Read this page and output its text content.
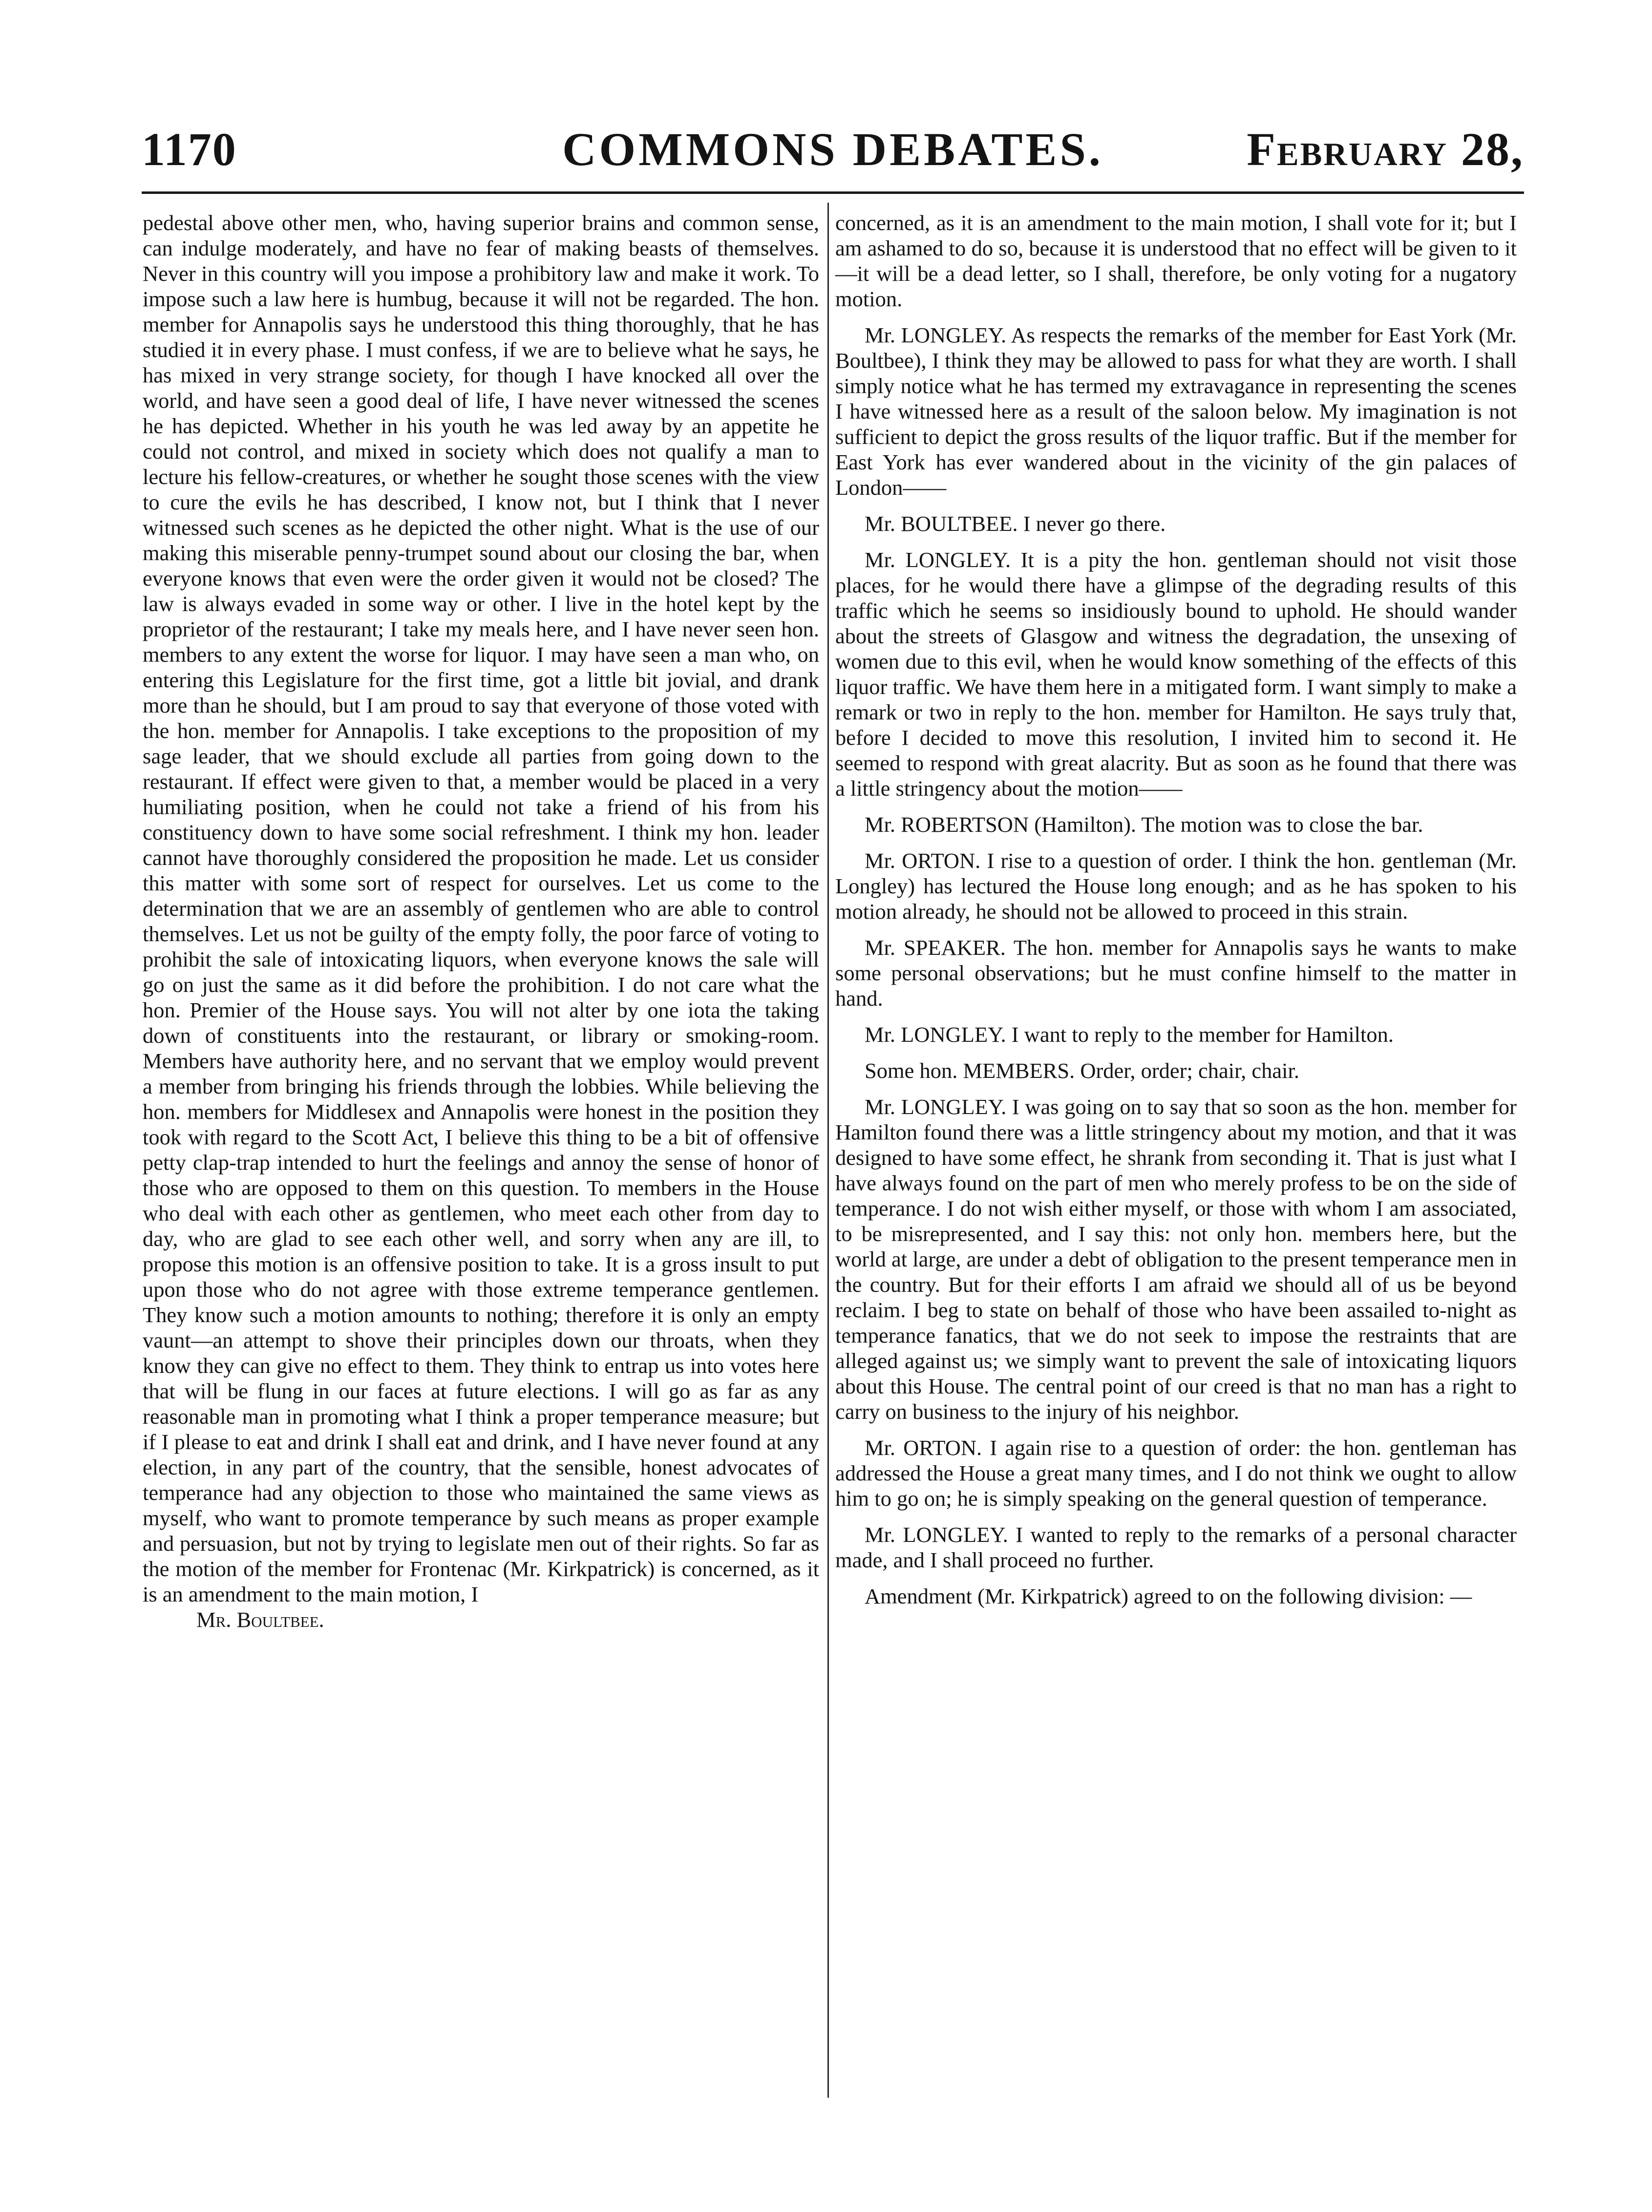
1170	COMMONS DEBATES.	February 28,

pedestal above other men, who, having superior brains and common sense, can indulge moderately, and have no fear of making beasts of themselves. Never in this country will you impose a prohibitory law and make it work. To impose such a law here is humbug, because it will not be regarded. The hon. member for Annapolis says he understood this thing thoroughly, that he has studied it in every phase. I must confess, if we are to believe what he says, he has mixed in very strange society, for though I have knocked all over the world, and have seen a good deal of life, I have never witnessed the scenes he has depicted. Whether in his youth he was led away by an appetite he could not control, and mixed in society which does not qualify a man to lecture his fellow-creatures, or whether he sought those scenes with the view to cure the evils he has described, I know not, but I think that I never witnessed such scenes as he depicted the other night. What is the use of our making this miserable penny-trumpet sound about our closing the bar, when everyone knows that even were the order given it would not be closed? The law is always evaded in some way or other. I live in the hotel kept by the proprietor of the restaurant; I take my meals here, and I have never seen hon. members to any extent the worse for liquor. I may have seen a man who, on entering this Legislature for the first time, got a little bit jovial, and drank more than he should, but I am proud to say that everyone of those voted with the hon. member for Annapolis. I take exceptions to the proposition of my sage leader, that we should exclude all parties from going down to the restaurant. If effect were given to that, a member would be placed in a very humiliating position, when he could not take a friend of his from his constituency down to have some social refreshment. I think my hon. leader cannot have thoroughly considered the proposition he made. Let us consider this matter with some sort of respect for ourselves. Let us come to the determination that we are an assembly of gentlemen who are able to control themselves. Let us not be guilty of the empty folly, the poor farce of voting to prohibit the sale of intoxicating liquors, when everyone knows the sale will go on just the same as it did before the prohibition. I do not care what the hon. Premier of the House says. You will not alter by one iota the taking down of constituents into the restaurant, or library or smoking-room. Members have authority here, and no servant that we employ would prevent a member from bringing his friends through the lobbies. While believing the hon. members for Middlesex and Annapolis were honest in the position they took with regard to the Scott Act, I believe this thing to be a bit of offensive petty clap-trap intended to hurt the feelings and annoy the sense of honor of those who are opposed to them on this question. To members in the House who deal with each other as gentlemen, who meet each other from day to day, who are glad to see each other well, and sorry when any are ill, to propose this motion is an offensive position to take. It is a gross insult to put upon those who do not agree with those extreme temperance gentlemen. They know such a motion amounts to nothing; therefore it is only an empty vaunt—an attempt to shove their principles down our throats, when they know they can give no effect to them. They think to entrap us into votes here that will be flung in our faces at future elections. I will go as far as any reasonable man in promoting what I think a proper temperance measure; but if I please to eat and drink I shall eat and drink, and I have never found at any election, in any part of the country, that the sensible, honest advocates of temperance had any objection to those who maintained the same views as myself, who want to promote temperance by such means as proper example and persuasion, but not by trying to legislate men out of their rights. So far as the motion of the member for Frontenac (Mr. Kirkpatrick) is concerned, as it is an amendment to the main motion, I

Mr. Boultbee.

concerned, as it is an amendment to the main motion, I shall vote for it; but I am ashamed to do so, because it is understood that no effect will be given to it—it will be a dead letter, so I shall, therefore, be only voting for a nugatory motion.

Mr. LONGLEY. As respects the remarks of the member for East York (Mr. Boultbee), I think they may be allowed to pass for what they are worth. I shall simply notice what he has termed my extravagance in representing the scenes I have witnessed here as a result of the saloon below. My imagination is not sufficient to depict the gross results of the liquor traffic. But if the member for East York has ever wandered about in the vicinity of the gin palaces of London——

Mr. BOULTBEE. I never go there.

Mr. LONGLEY. It is a pity the hon. gentleman should not visit those places, for he would there have a glimpse of the degrading results of this traffic which he seems so insidiously bound to uphold. He should wander about the streets of Glasgow and witness the degradation, the unsexing of women due to this evil, when he would know something of the effects of this liquor traffic. We have them here in a mitigated form. I want simply to make a remark or two in reply to the hon. member for Hamilton. He says truly that, before I decided to move this resolution, I invited him to second it. He seemed to respond with great alacrity. But as soon as he found that there was a little stringency about the motion——

Mr. ROBERTSON (Hamilton). The motion was to close the bar.

Mr. ORTON. I rise to a question of order. I think the hon. gentleman (Mr. Longley) has lectured the House long enough; and as he has spoken to his motion already, he should not be allowed to proceed in this strain.

Mr. SPEAKER. The hon. member for Annapolis says he wants to make some personal observations; but he must confine himself to the matter in hand.

Mr. LONGLEY. I want to reply to the member for Hamilton.

Some hon. MEMBERS. Order, order; chair, chair.

Mr. LONGLEY. I was going on to say that so soon as the hon. member for Hamilton found there was a little stringency about my motion, and that it was designed to have some effect, he shrank from seconding it. That is just what I have always found on the part of men who merely profess to be on the side of temperance. I do not wish either myself, or those with whom I am associated, to be misrepresented, and I say this: not only hon. members here, but the world at large, are under a debt of obligation to the present temperance men in the country. But for their efforts I am afraid we should all of us be beyond reclaim. I beg to state on behalf of those who have been assailed to-night as temperance fanatics, that we do not seek to impose the restraints that are alleged against us; we simply want to prevent the sale of intoxicating liquors about this House. The central point of our creed is that no man has a right to carry on business to the injury of his neighbor.

Mr. ORTON. I again rise to a question of order: the hon. gentleman has addressed the House a great many times, and I do not think we ought to allow him to go on; he is simply speaking on the general question of temperance.

Mr. LONGLEY. I wanted to reply to the remarks of a personal character made, and I shall proceed no further.

Amendment (Mr. Kirkpatrick) agreed to on the following division: —
